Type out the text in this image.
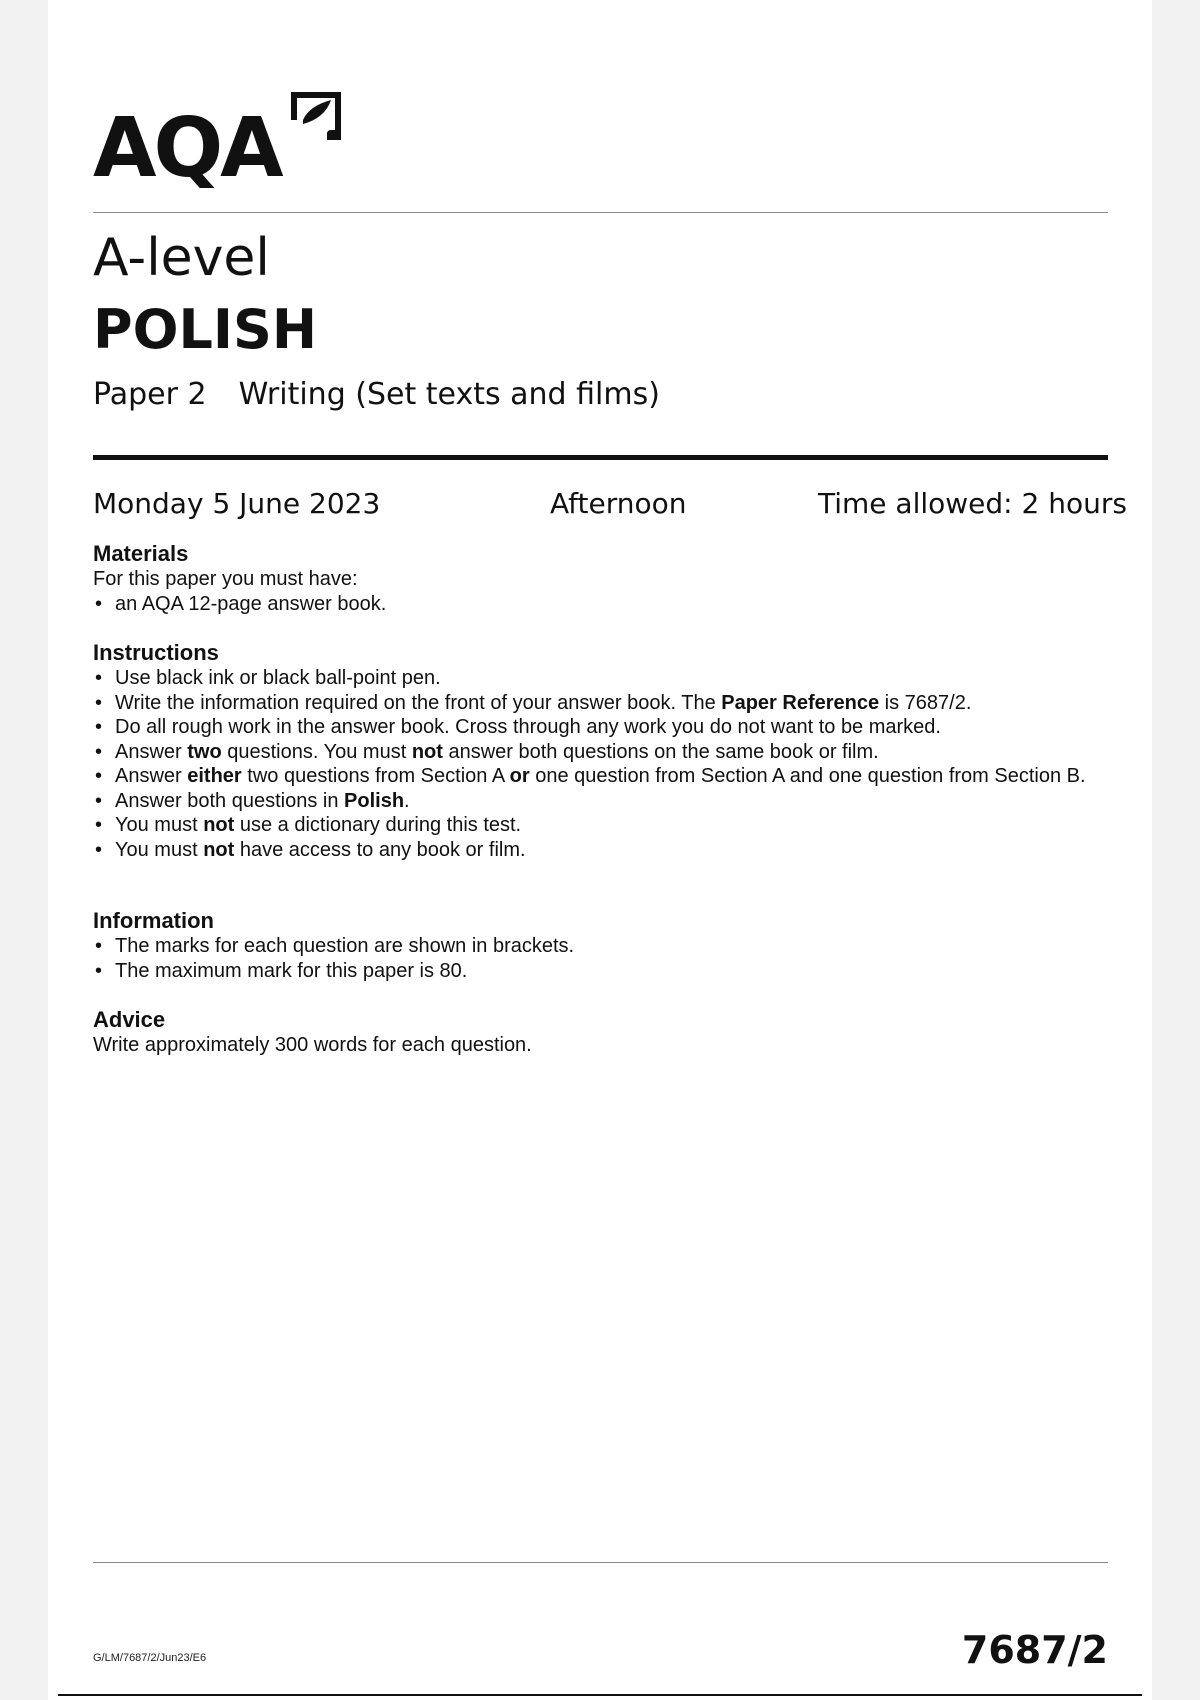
AQA
A-level
POLISH
Paper 2 Writing (Set texts and films)
Monday 5 June 2023	Afternoon	Time allowed: 2 hours
Materials

For this paper you must have:

• an AQA 12-page answer book.
Instructions
• Use black ink or black ball-point pen.
• Write the information required on the front of your answer book. The Paper Reference is 7687/2.
• Do all rough work in the answer book. Cross through any work you do not want to be marked.
• Answer two questions. You must not answer both questions on the same book or film.
• Answer either two questions from Section A or one question from Section A and one question from Section B.
• Answer both questions in Polish.
• You must not use a dictionary during this test.
• You must not have access to any book or film.
Information
• The marks for each question are shown in brackets.
• The maximum mark for this paper is 80.
Advice

Write approximately 300 words for each question.

G/LM/7687/2/Jun23/E6	7687/2
